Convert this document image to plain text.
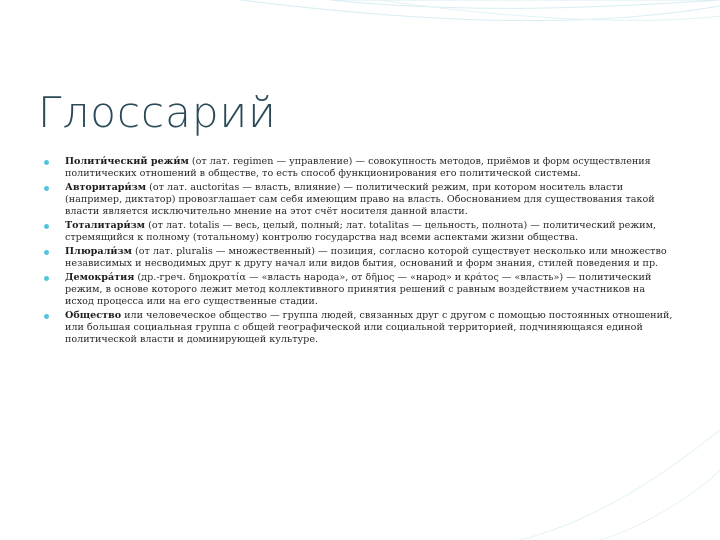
Глоссарий
Полити́ческий режи́м (от лат. regimen — управление) — совокупность методов, приёмов и форм осуществления политических отношений в обществе, то есть способ функционирования его политической системы.
Авторитари́зм (от лат. auctoritas — власть, влияние) — политический режим, при котором носитель власти (например, диктатор) провозглашает сам себя имеющим право на власть. Обоснованием для существования такой власти является исключительно мнение на этот счёт носителя данной власти.
Тоталитари́зм (от лат. totalis — весь, целый, полный; лат. totalitas — цельность, полнота) — политический режим, стремящийся к полному (тотальному) контролю государства над всеми аспектами жизни общества.
Плюрали́зм (от лат. pluralis — множественный) — позиция, согласно которой существует несколько или множество независимых и несводимых друг к другу начал или видов бытия, оснований и форм знания, стилей поведения и пр.
Демокра́тия (др.-греч. δημοκρατία — «власть народа», от δῆμος — «народ» и κράτος — «власть») — политический режим, в основе которого лежит метод коллективного принятия решений с равным воздействием участников на исход процесса или на его существенные стадии.
Общество или человеческое общество — группа людей, связанных друг с другом с помощью постоянных отношений, или большая социальная группа с общей географической или социальной территорией, подчиняющаяся единой политической власти и доминирующей культуре.
